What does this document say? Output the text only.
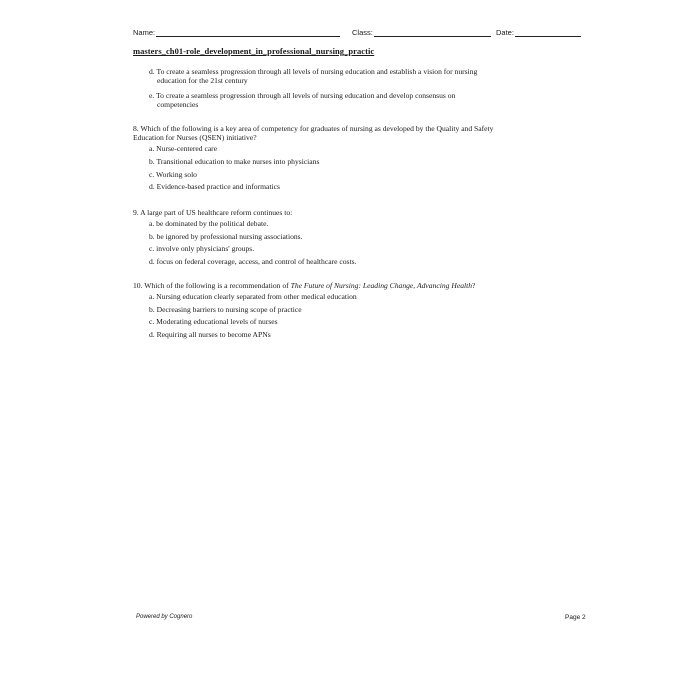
Name:	Class:	Date:
masters_ch01-role_development_in_professional_nursing_practic
d. To create a seamless progression through all levels of nursing education and establish a vision for nursing
education for the 21st century
e. To create a seamless progression through all levels of nursing education and develop consensus on
competencies
8. Which of the following is a key area of competency for graduates of nursing as developed by the Quality and Safety
Education for Nurses (QSEN) initiative?
a. Nurse-centered care
b. Transitional education to make nurses into physicians
c. Working solo
d. Evidence-based practice and informatics
9. A large part of US healthcare reform continues to:
a. be dominated by the political debate.
b. be ignored by professional nursing associations.
c. involve only physicians' groups.
d. focus on federal coverage, access, and control of healthcare costs.
10. Which of the following is a recommendation of The Future of Nursing: Leading Change, Advancing Health?
a. Nursing education clearly separated from other medical education
b. Decreasing barriers to nursing scope of practice
c. Moderating educational levels of nurses
d. Requiring all nurses to become APNs
Powered by Cognero	Page 2
